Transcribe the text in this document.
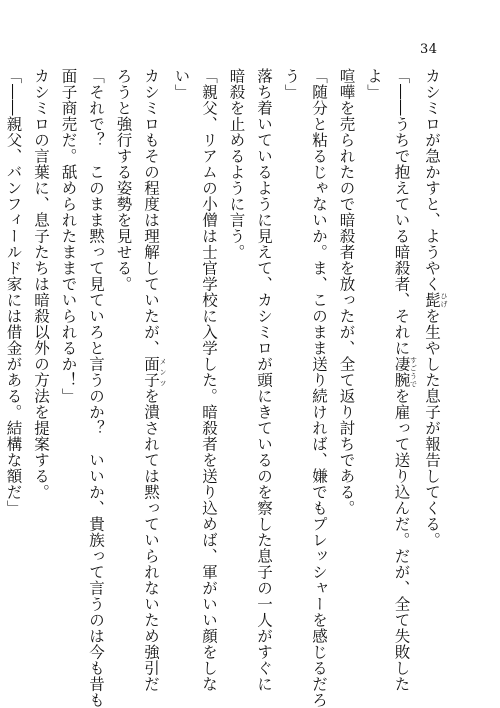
34
カシミロが急かすと、ようやく髭 ひげを生やした息子が報告してくる。
「――うちで抱えている暗殺者、それに凄腕 すごうでを雇って送り込んだ。だが、全て失敗した
よ」
喧嘩を売られたので暗殺者を放ったが、全て返り討ちである。
「随分と粘るじゃないか。ま、このまま送り続ければ、嫌でもプレッシャーを感じるだろ
う」
落ち着いているように見えて、カシミロが頭にきているのを察した息子の一人がすぐに
暗殺を止めるように言う。
「親父、リアムの小僧は士官学校に入学した。暗殺者を送り込めば、軍がいい顔をしな
い」
カシミロもその程度は理解していたが、面子 メンツを潰されては黙っていられないため強引だ
ろうと強行する姿勢を見せる。
「それで？　このまま黙って見ていろと言うのか？　いいか、貴族って言うのは今も昔も
面子商売だ。舐められたままでいられるか！」
カシミロの言葉に、息子たちは暗殺以外の方法を提案する。
「――親父、バンフィールド家には借金がある。結構な額だ」
